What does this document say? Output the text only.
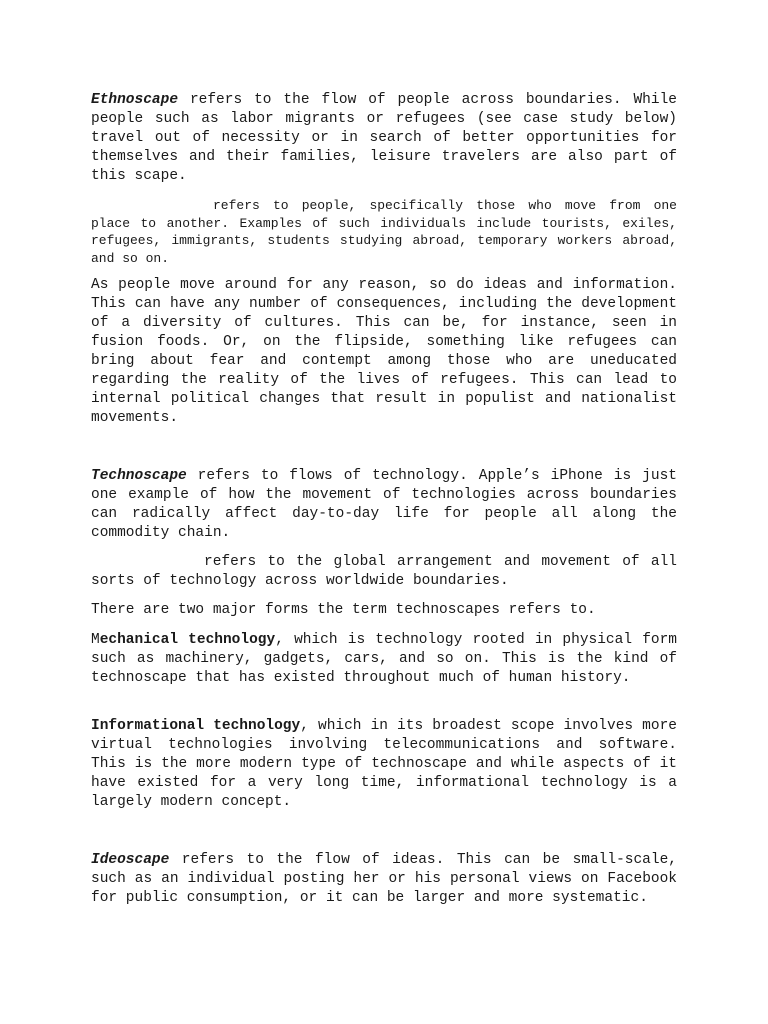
Ethnoscape refers to the flow of people across boundaries. While people such as labor migrants or refugees (see case study below) travel out of necessity or in search of better opportunities for themselves and their families, leisure travelers are also part of this scape.

refers to people, specifically those who move from one place to another. Examples of such individuals include tourists, exiles, refugees, immigrants, students studying abroad, temporary workers abroad, and so on.

As people move around for any reason, so do ideas and information. This can have any number of consequences, including the development of a diversity of cultures. This can be, for instance, seen in fusion foods. Or, on the flipside, something like refugees can bring about fear and contempt among those who are uneducated regarding the reality of the lives of refugees. This can lead to internal political changes that result in populist and nationalist movements.

Technoscape refers to flows of technology. Apple’s iPhone is just one example of how the movement of technologies across boundaries can radically affect day-to-day life for people all along the commodity chain.

refers to the global arrangement and movement of all sorts of technology across worldwide boundaries.

There are two major forms the term technoscapes refers to.

Mechanical technology, which is technology rooted in physical form such as machinery, gadgets, cars, and so on. This is the kind of technoscape that has existed throughout much of human history.

Informational technology, which in its broadest scope involves more virtual technologies involving telecommunications and software. This is the more modern type of technoscape and while aspects of it have existed for a very long time, informational technology is a largely modern concept.

Ideoscape refers to the flow of ideas. This can be small-scale, such as an individual posting her or his personal views on Facebook for public consumption, or it can be larger and more systematic.
